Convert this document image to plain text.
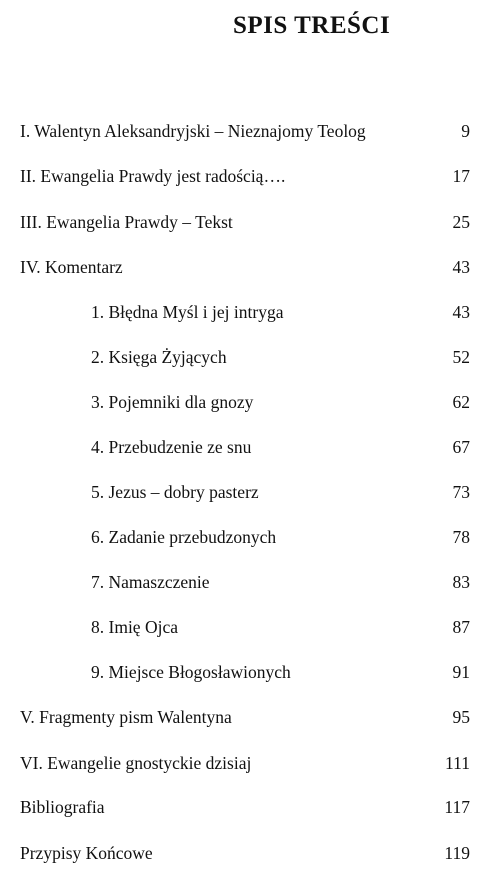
SPIS TREŚCI
I. Walentyn Aleksandryjski – Nieznajomy Teolog	9
II. Ewangelia Prawdy jest radością….	17
III. Ewangelia Prawdy – Tekst	25
IV. Komentarz	43
1. Błędna Myśl i jej intryga	43
2. Księga Żyjących	52
3. Pojemniki dla gnozy	62
4. Przebudzenie ze snu	67
5. Jezus – dobry pasterz	73
6. Zadanie przebudzonych	78
7. Namaszczenie	83
8. Imię Ojca	87
9. Miejsce Błogosławionych	91
V. Fragmenty pism Walentyna	95
VI. Ewangelie gnostyckie dzisiaj	111
Bibliografia	117
Przypisy Końcowe	119
